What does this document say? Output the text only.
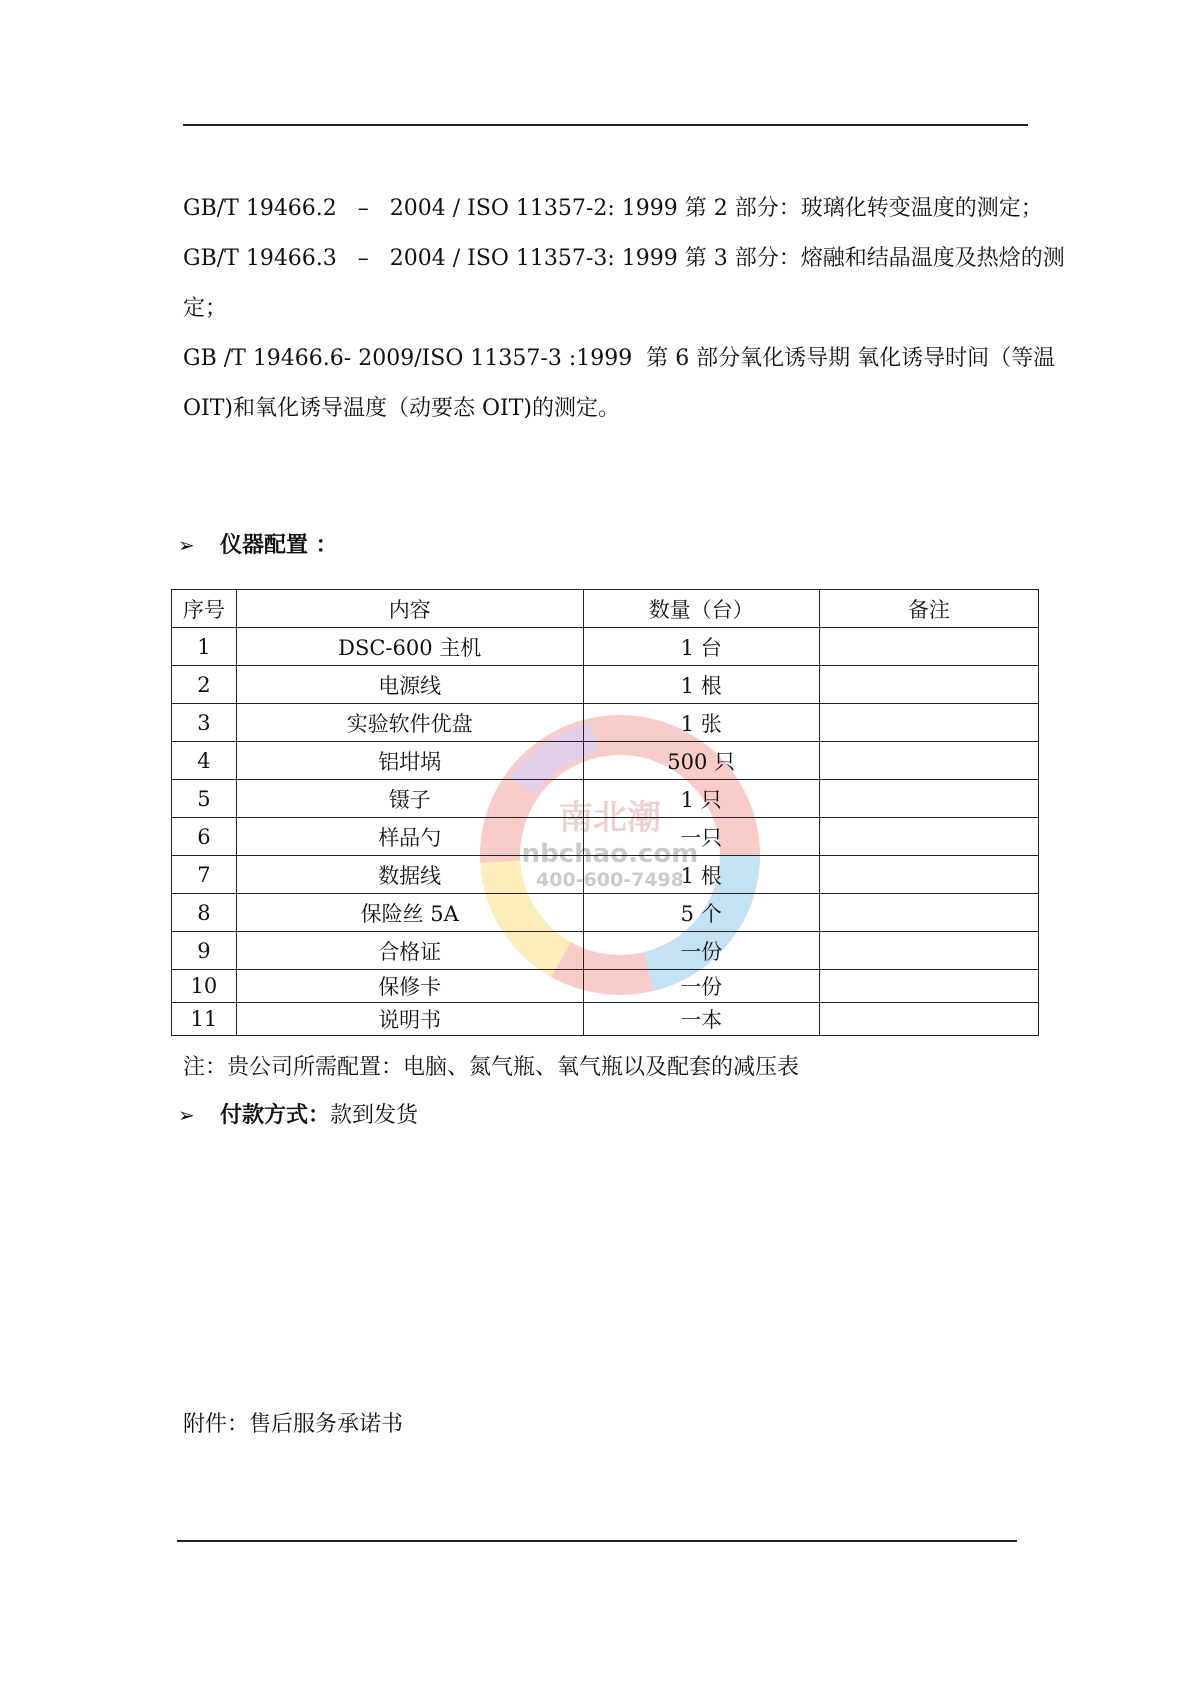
GB/T 19466.2   –   2004 / ISO 11357-2: 1999 第 2 部分：玻璃化转变温度的测定；
GB/T 19466.3   –   2004 / ISO 11357-3: 1999 第 3 部分：熔融和结晶温度及热焓的测
定；
GB /T 19466.6- 2009/ISO 11357-3 :1999  第 6 部分氧化诱导期 氧化诱导时间（等温
OIT)和氧化诱导温度（动要态 OIT)的测定。
➢ 仪器配置 ：
南北潮
nbchao.com
400-600-7498
序号	内容	数量（台）	备注
1	DSC-600 主机	1 台	
2	电源线	1 根	
3	实验软件优盘	1 张	
4	铝坩埚	500 只	
5	镊子	1 只	
6	样品勺	一只	
7	数据线	1 根	
8	保险丝 5A	5 个	
9	合格证	一份	
10	保修卡	一份	
11	说明书	一本	
注：贵公司所需配置：电脑、氮气瓶、氧气瓶以及配套的减压表
➢ 付款方式：款到发货
附件：售后服务承诺书
